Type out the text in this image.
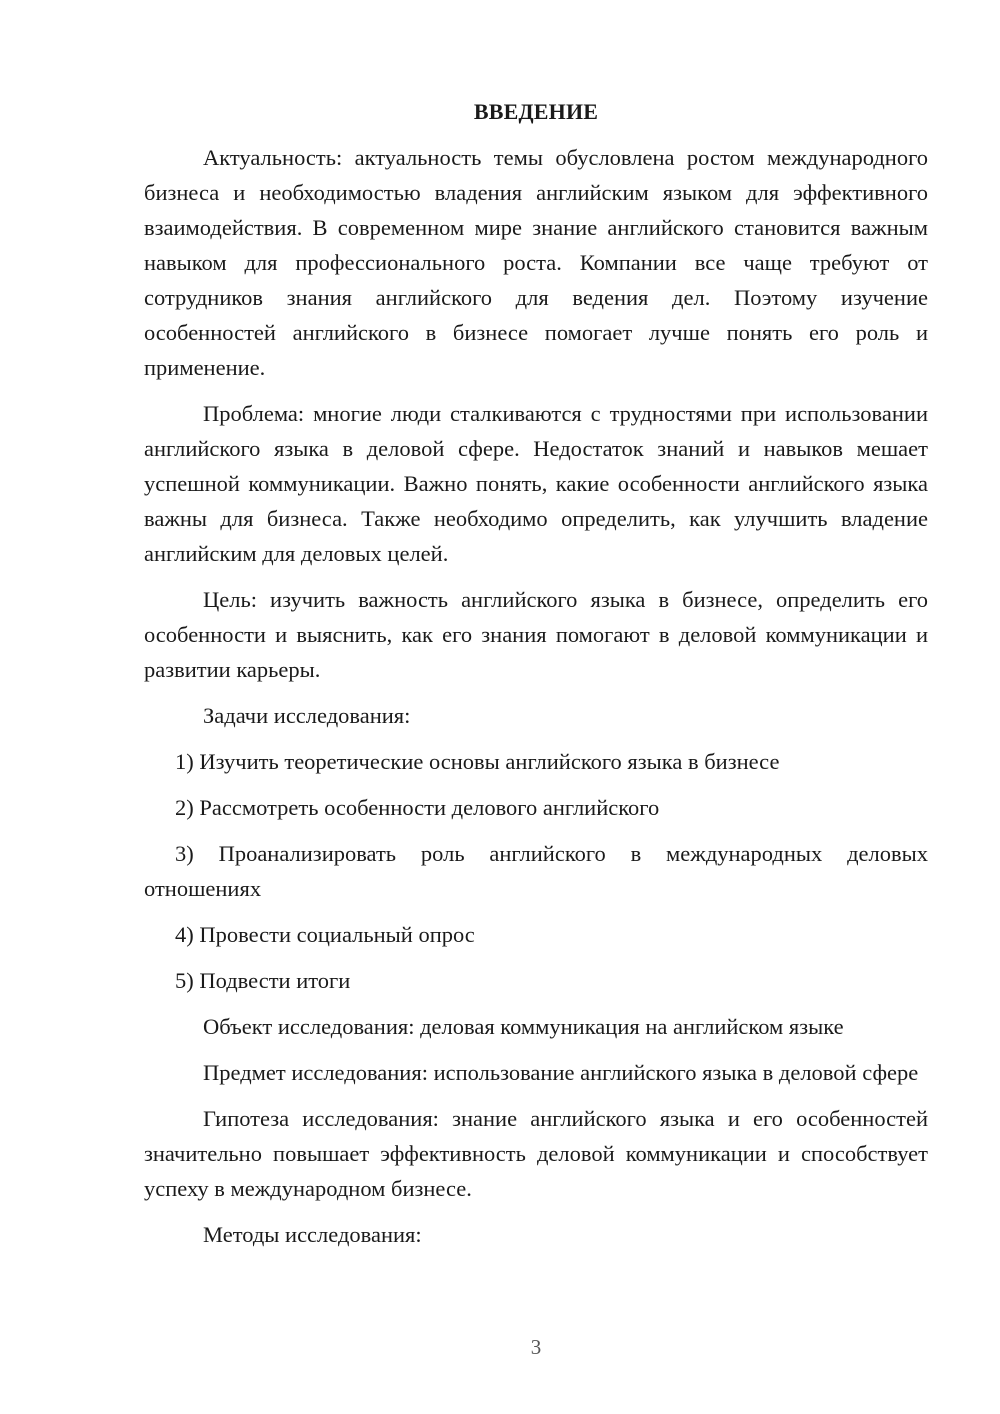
ВВЕДЕНИЕ

Актуальность: актуальность темы обусловлена ростом международного бизнеса и необходимостью владения английским языком для эффективного взаимодействия. В современном мире знание английского становится важным навыком для профессионального роста. Компании все чаще требуют от сотрудников знания английского для ведения дел. Поэтому изучение особенностей английского в бизнесе помогает лучше понять его роль и применение.

Проблема: многие люди сталкиваются с трудностями при использовании английского языка в деловой сфере. Недостаток знаний и навыков мешает успешной коммуникации. Важно понять, какие особенности английского языка важны для бизнеса. Также необходимо определить, как улучшить владение английским для деловых целей.

Цель: изучить важность английского языка в бизнесе, определить его особенности и выяснить, как его знания помогают в деловой коммуникации и развитии карьеры.

Задачи исследования:

1) Изучить теоретические основы английского языка в бизнесе

2) Рассмотреть особенности делового английского

3) Проанализировать роль английского в международных деловых отношениях

4) Провести социальный опрос

5) Подвести итоги

Объект исследования: деловая коммуникация на английском языке

Предмет исследования: использование английского языка в деловой сфере

Гипотеза исследования: знание английского языка и его особенностей значительно повышает эффективность деловой коммуникации и способствует успеху в международном бизнесе.

Методы исследования:

3
